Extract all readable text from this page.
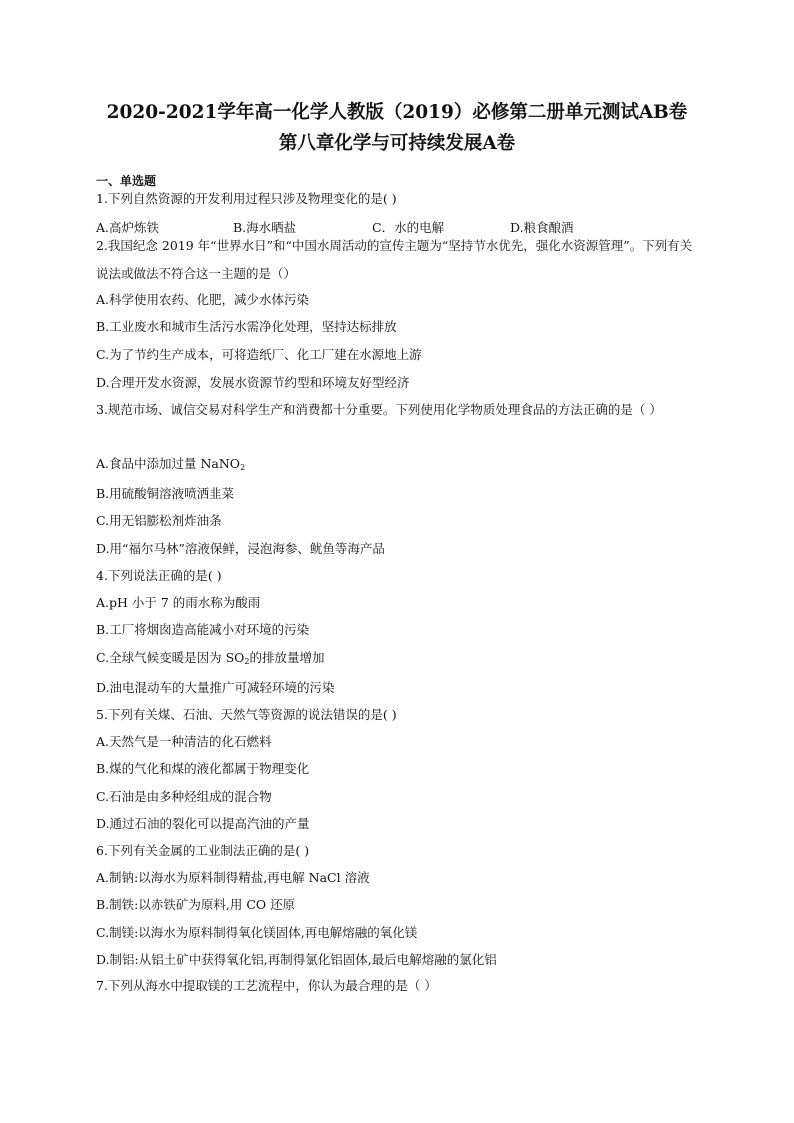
2020-2021学年高一化学人教版（2019）必修第二册单元测试AB卷
第八章化学与可持续发展A卷
一、单选题
1.下列自然资源的开发利用过程只涉及物理变化的是( )
A.高炉炼铁	B.海水晒盐	C．水的电解	D.粮食酿酒
2.我国纪念 2019 年“世界水日”和“中国水周活动的宣传主题为“坚持节水优先，强化水资源管理”。下列有关说法或做法不符合这一主题的是（）
A.科学使用农药、化肥，减少水体污染
B.工业废水和城市生活污水需净化处理，坚持达标排放
C.为了节约生产成本，可将造纸厂、化工厂建在水源地上游
D.合理开发水资源，发展水资源节约型和环境友好型经济
3.规范市场、诚信交易对科学生产和消费都十分重要。下列使用化学物质处理食品的方法正确的是（ ）
A.食品中添加过量 NaNO$_2$
B.用硫酸铜溶液喷洒韭菜
C.用无铝膨松剂炸油条
D.用“福尔马林”溶液保鲜，浸泡海参、鱿鱼等海产品
4.下列说法正确的是( )
A.pH 小于 7 的雨水称为酸雨
B.工厂将烟囱造高能减小对环境的污染
C.全球气候变暖是因为 $SO_2$的排放量增加
D.油电混动车的大量推广可减轻环境的污染
5.下列有关煤、石油、天然气等资源的说法错误的是( )
A.天然气是一种清洁的化石燃料
B.煤的气化和煤的液化都属于物理变化
C.石油是由多种烃组成的混合物
D.通过石油的裂化可以提高汽油的产量
6.下列有关金属的工业制法正确的是( )
A.制钠:以海水为原料制得精盐,再电解 NaCl 溶液
B.制铁:以赤铁矿为原料,用 CO 还原
C.制镁:以海水为原料制得氧化镁固体,再电解熔融的氧化镁
D.制铝:从铝土矿中获得氧化铝,再制得氯化铝固体,最后电解熔融的氯化铝
7.下列从海水中提取镁的工艺流程中，你认为最合理的是（ ）
